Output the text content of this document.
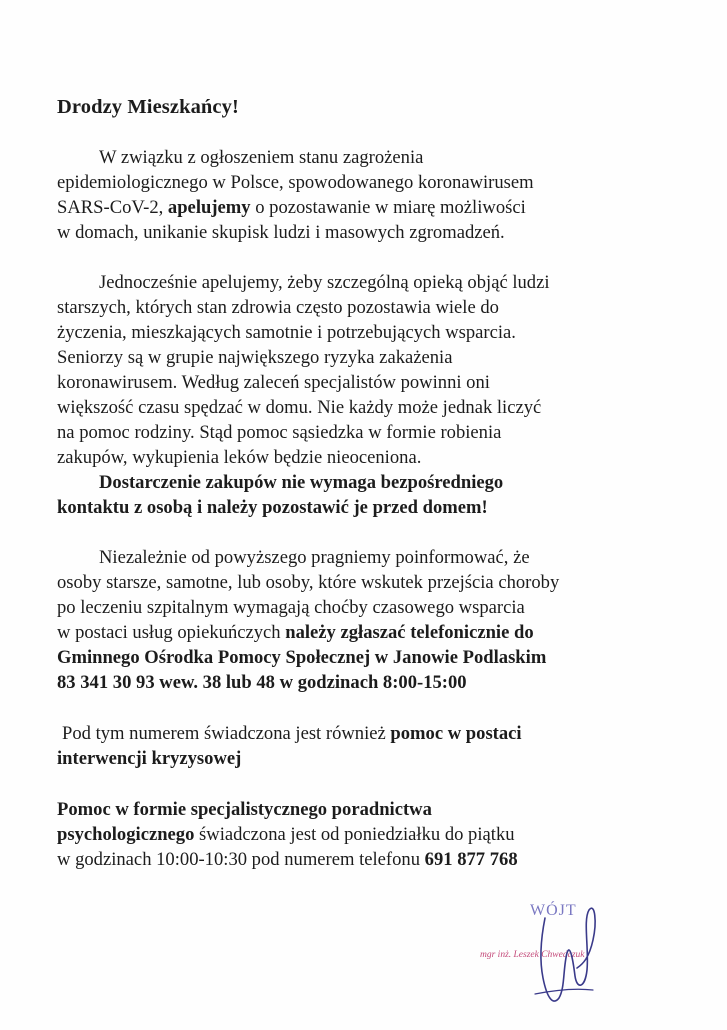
Drodzy Mieszkańcy!
W związku z ogłoszeniem stanu zagrożenia
epidemiologicznego w Polsce, spowodowanego koronawirusem
SARS-CoV-2, apelujemy o pozostawanie w miarę możliwości
w domach, unikanie skupisk ludzi i masowych zgromadzeń.
Jednocześnie apelujemy, żeby szczególną opieką objąć ludzi
starszych, których stan zdrowia często pozostawia wiele do
życzenia, mieszkających samotnie i potrzebujących wsparcia.
Seniorzy są w grupie największego ryzyka zakażenia
koronawirusem. Według zaleceń specjalistów powinni oni
większość czasu spędzać w domu. Nie każdy może jednak liczyć
na pomoc rodziny. Stąd pomoc sąsiedzka w formie robienia
zakupów, wykupienia leków będzie nieoceniona.
Dostarczenie zakupów nie wymaga bezpośredniego
kontaktu z osobą i należy pozostawić je przed domem!
Niezależnie od powyższego pragniemy poinformować, że
osoby starsze, samotne, lub osoby, które wskutek przejścia choroby
po leczeniu szpitalnym wymagają choćby czasowego wsparcia
w postaci usług opiekuńczych należy zgłaszać telefonicznie do
Gminnego Ośrodka Pomocy Społecznej w Janowie Podlaskim
83 341 30 93 wew. 38 lub 48 w godzinach 8:00-15:00
Pod tym numerem świadczona jest również pomoc w postaci
interwencji kryzysowej
Pomoc w formie specjalistycznego poradnictwa
psychologicznego świadczona jest od poniedziałku do piątku
w godzinach 10:00-10:30 pod numerem telefonu 691 877 768
WÓJT
mgr inż. Leszek Chwedczuk
